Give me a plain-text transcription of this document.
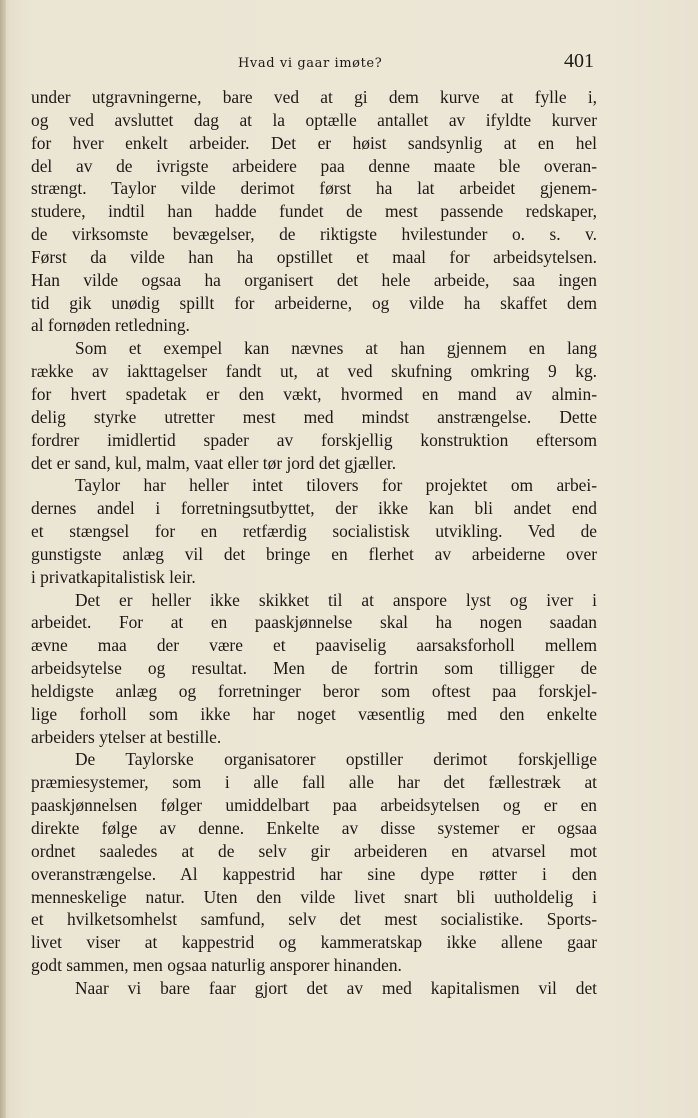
Hvad vi gaar imøte?	401
under utgravningerne, bare ved at gi dem kurve at fylle i,
og ved avsluttet dag at la optælle antallet av ifyldte kurver
for hver enkelt arbeider. Det er høist sandsynlig at en hel
del av de ivrigste arbeidere paa denne maate ble overan-
strængt. Taylor vilde derimot først ha lat arbeidet gjenem-
studere, indtil han hadde fundet de mest passende redskaper,
de virksomste bevægelser, de riktigste hvilestunder o. s. v.
Først da vilde han ha opstillet et maal for arbeidsytelsen.
Han vilde ogsaa ha organisert det hele arbeide, saa ingen
tid gik unødig spillt for arbeiderne, og vilde ha skaffet dem
al fornøden retledning.
Som et exempel kan nævnes at han gjennem en lang
række av iakttagelser fandt ut, at ved skufning omkring 9 kg.
for hvert spadetak er den vækt, hvormed en mand av almin-
delig styrke utretter mest med mindst anstrængelse. Dette
fordrer imidlertid spader av forskjellig konstruktion eftersom
det er sand, kul, malm, vaat eller tør jord det gjæller.
Taylor har heller intet tilovers for projektet om arbei-
dernes andel i forretningsutbyttet, der ikke kan bli andet end
et stængsel for en retfærdig socialistisk utvikling. Ved de
gunstigste anlæg vil det bringe en flerhet av arbeiderne over
i privatkapitalistisk leir.
Det er heller ikke skikket til at anspore lyst og iver i
arbeidet. For at en paaskjønnelse skal ha nogen saadan
ævne maa der være et paaviselig aarsaksforholl mellem
arbeidsytelse og resultat. Men de fortrin som tilligger de
heldigste anlæg og forretninger beror som oftest paa forskjel-
lige forholl som ikke har noget væsentlig med den enkelte
arbeiders ytelser at bestille.
De Taylorske organisatorer opstiller derimot forskjellige
præmiesystemer, som i alle fall alle har det fællestræk at
paaskjønnelsen følger umiddelbart paa arbeidsytelsen og er en
direkte følge av denne. Enkelte av disse systemer er ogsaa
ordnet saaledes at de selv gir arbeideren en atvarsel mot
overanstrængelse. Al kappestrid har sine dype røtter i den
menneskelige natur. Uten den vilde livet snart bli uutholdelig i
et hvilketsomhelst samfund, selv det mest socialistike. Sports-
livet viser at kappestrid og kammeratskap ikke allene gaar
godt sammen, men ogsaa naturlig ansporer hinanden.
Naar vi bare faar gjort det av med kapitalismen vil det
